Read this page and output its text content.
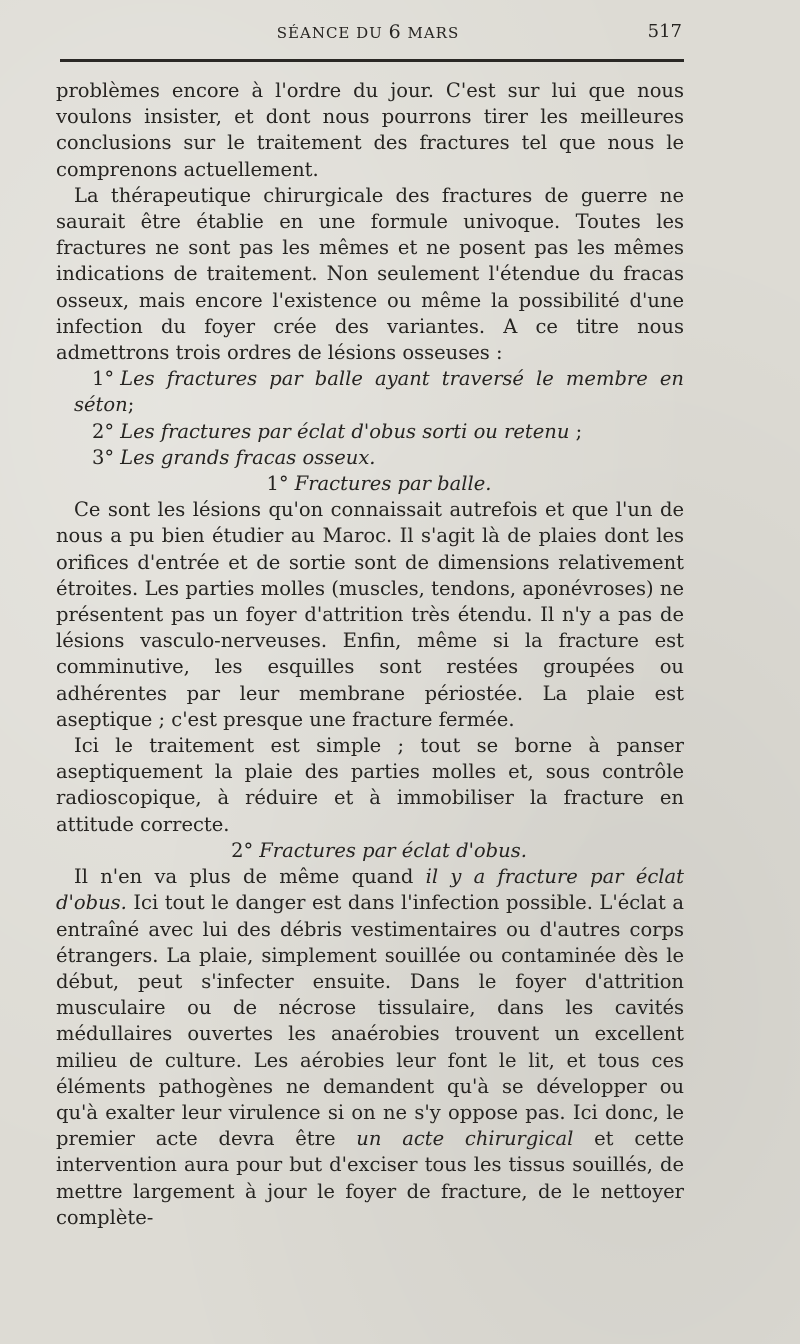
SÉANCE DU 6 MARS	517

problèmes encore à l'ordre du jour. C'est sur lui que nous voulons insister, et dont nous pourrons tirer les meilleures conclusions sur le traitement des fractures tel que nous le comprenons actuellement.

La thérapeutique chirurgicale des fractures de guerre ne saurait être établie en une formule univoque. Toutes les fractures ne sont pas les mêmes et ne posent pas les mêmes indications de traitement. Non seulement l'étendue du fracas osseux, mais encore l'existence ou même la possibilité d'une infection du foyer crée des variantes. A ce titre nous admettrons trois ordres de lésions osseuses :

1° Les fractures par balle ayant traversé le membre en séton;

2° Les fractures par éclat d'obus sorti ou retenu ;

3° Les grands fracas osseux.

1° Fractures par balle.

Ce sont les lésions qu'on connaissait autrefois et que l'un de nous a pu bien étudier au Maroc. Il s'agit là de plaies dont les orifices d'entrée et de sortie sont de dimensions relativement étroites. Les parties molles (muscles, tendons, aponévroses) ne présentent pas un foyer d'attrition très étendu. Il n'y a pas de lésions vasculo-nerveuses. Enfin, même si la fracture est comminutive, les esquilles sont restées groupées ou adhérentes par leur membrane périostée. La plaie est aseptique ; c'est presque une fracture fermée.

Ici le traitement est simple ; tout se borne à panser aseptiquement la plaie des parties molles et, sous contrôle radioscopique, à réduire et à immobiliser la fracture en attitude correcte.

2° Fractures par éclat d'obus.

Il n'en va plus de même quand il y a fracture par éclat d'obus. Ici tout le danger est dans l'infection possible. L'éclat a entraîné avec lui des débris vestimentaires ou d'autres corps étrangers. La plaie, simplement souillée ou contaminée dès le début, peut s'infecter ensuite. Dans le foyer d'attrition musculaire ou de nécrose tissulaire, dans les cavités médullaires ouvertes les anaérobies trouvent un excellent milieu de culture. Les aérobies leur font le lit, et tous ces éléments pathogènes ne demandent qu'à se développer ou qu'à exalter leur virulence si on ne s'y oppose pas. Ici donc, le premier acte devra être un acte chirurgical et cette intervention aura pour but d'exciser tous les tissus souillés, de mettre largement à jour le foyer de fracture, de le nettoyer complète-
